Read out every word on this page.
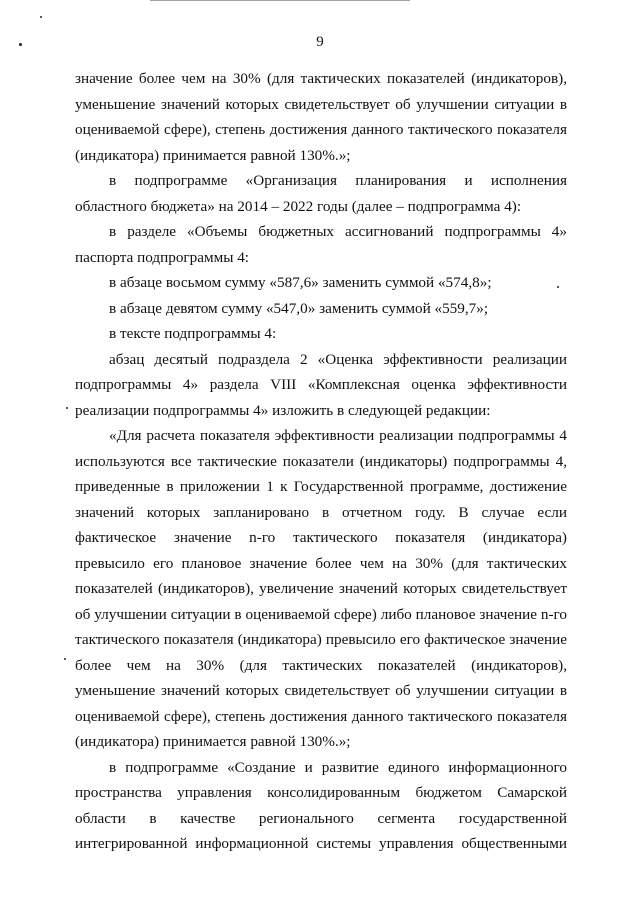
9

значение более чем на 30% (для тактических показателей (индикаторов), уменьшение значений которых свидетельствует об улучшении ситуации в оцениваемой сфере), степень достижения данного тактического показателя (индикатора) принимается равной 130%.»;

в подпрограмме «Организация планирования и исполнения областного бюджета» на 2014 – 2022 годы (далее – подпрограмма 4):

в разделе «Объемы бюджетных ассигнований подпрограммы 4» паспорта подпрограммы 4:

в абзаце восьмом сумму «587,6» заменить суммой «574,8»;

в абзаце девятом сумму «547,0» заменить суммой «559,7»;

в тексте подпрограммы 4:

абзац десятый подраздела 2 «Оценка эффективности реализации подпрограммы 4» раздела VIII «Комплексная оценка эффективности реализации подпрограммы 4» изложить в следующей редакции:

«Для расчета показателя эффективности реализации подпрограммы 4 используются все тактические показатели (индикаторы) подпрограммы 4, приведенные в приложении 1 к Государственной программе, достижение значений которых запланировано в отчетном году. В случае если фактическое значение n-го тактического показателя (индикатора) превысило его плановое значение более чем на 30% (для тактических показателей (индикаторов), увеличение значений которых свидетельствует об улучшении ситуации в оцениваемой сфере) либо плановое значение n-го тактического показателя (индикатора) превысило его фактическое значение более чем на 30% (для тактических показателей (индикаторов), уменьшение значений которых свидетельствует об улучшении ситуации в оцениваемой сфере), степень достижения данного тактического показателя (индикатора) принимается равной 130%.»;

в подпрограмме «Создание и развитие единого информационного пространства управления консолидированным бюджетом Самарской области в качестве регионального сегмента государственной интегрированной информационной системы управления общественными
